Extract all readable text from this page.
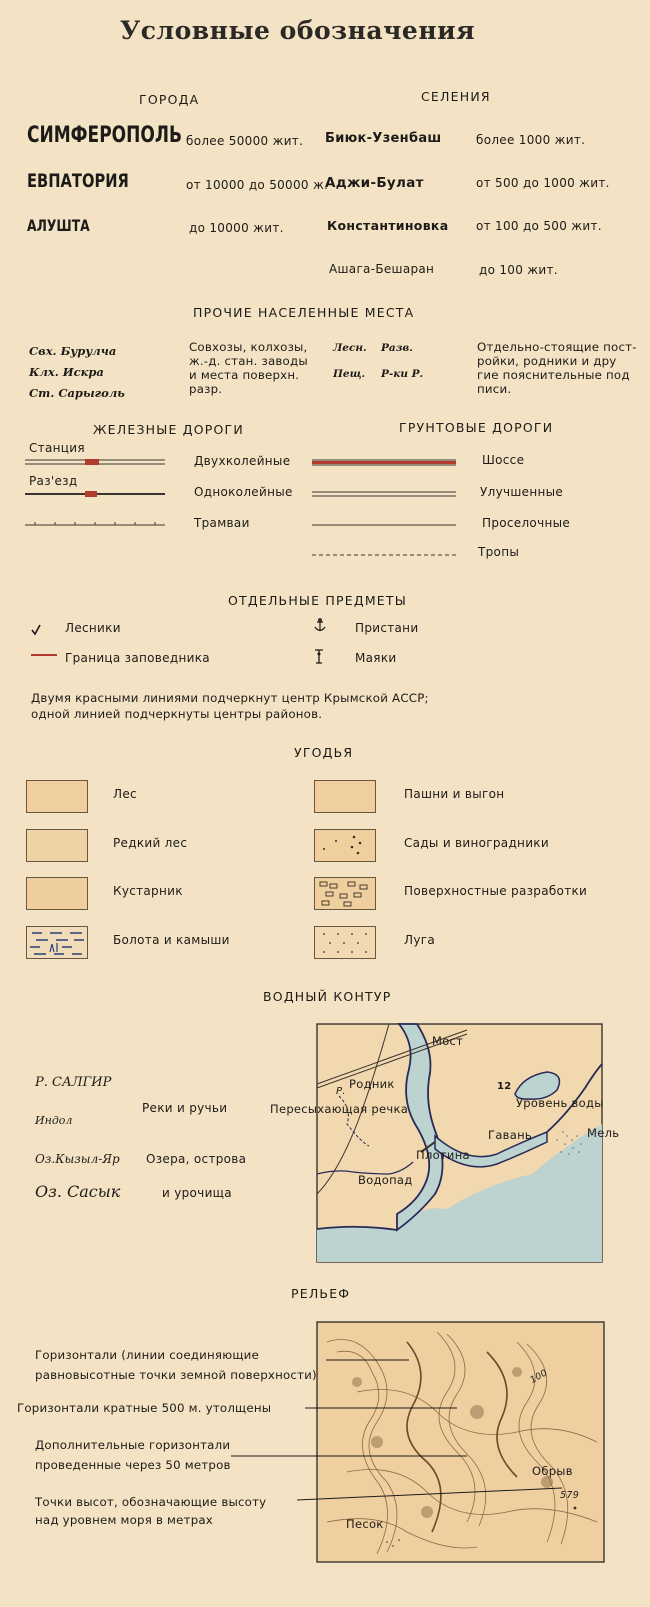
Условные обозначения
ГОРОДА	СЕЛЕНИЯ
СИМФЕРОПОЛЬ более 50000 жит.
ЕВПАТОРИЯ	от 10000 до 50000 ж.
АЛУШТА	до 10000 жит.
Биюк-Узенбаш	более 1000 жит.
Аджи-Булат	от 500 до 1000 жит.
Константиновка от 100 до 500 жит.
Ашага-Бешаран	до 100 жит.
ПРОЧИЕ НАСЕЛЕННЫЕ МЕСТА
Свх. Бурулча
Клх. Искра
Ст. Сарыголь
Совхозы, колхозы,
ж.-д. стан. заводы
и места поверхн.
разр.
Лесн. Разв.
Пещ. Р-ки Р.
Отдельно-стоящие пост-
ройки, родники и дру
гие пояснительные под
писи.
ЖЕЛЕЗНЫЕ ДОРОГИ	ГРУНТОВЫЕ ДОРОГИ
Станция
Раз'езд
Двухколейные
Одноколейные
Трамваи
Шоссе
Улучшенные
Проселочные
Тропы
ОТДЕЛЬНЫЕ ПРЕДМЕТЫ
Лесники
Граница заповедника
Пристани
Маяки
Двумя красными линиями подчеркнут центр Крымской АССР;
одной линией подчеркнуты центры районов.
УГОДЬЯ
Лес
Редкий лес
Кустарник
Болота и камыши
Пашни и выгон
Сады и виноградники
Поверхностные разработки
Луга
ВОДНЫЙ КОНТУР
Р. САЛГИР
Индол
Реки и ручьи
Оз.Кызыл-Яр Озера, острова
Оз. Сасык	и урочища
Мост
Родник
Р.
Пересыхающая речка
12
Уровень воды
Мель
Гавань
Плотина
Водопад
РЕЛЬЕФ
Горизонтали (линии соединяющие
равновысотные точки земной поверхности)
Горизонтали кратные 500 м. утолщены
Дополнительные горизонтали
проведенные через 50 метров
Точки высот, обозначающие высоту
над уровнем моря в метрах
Обрыв
Песок
579
100
